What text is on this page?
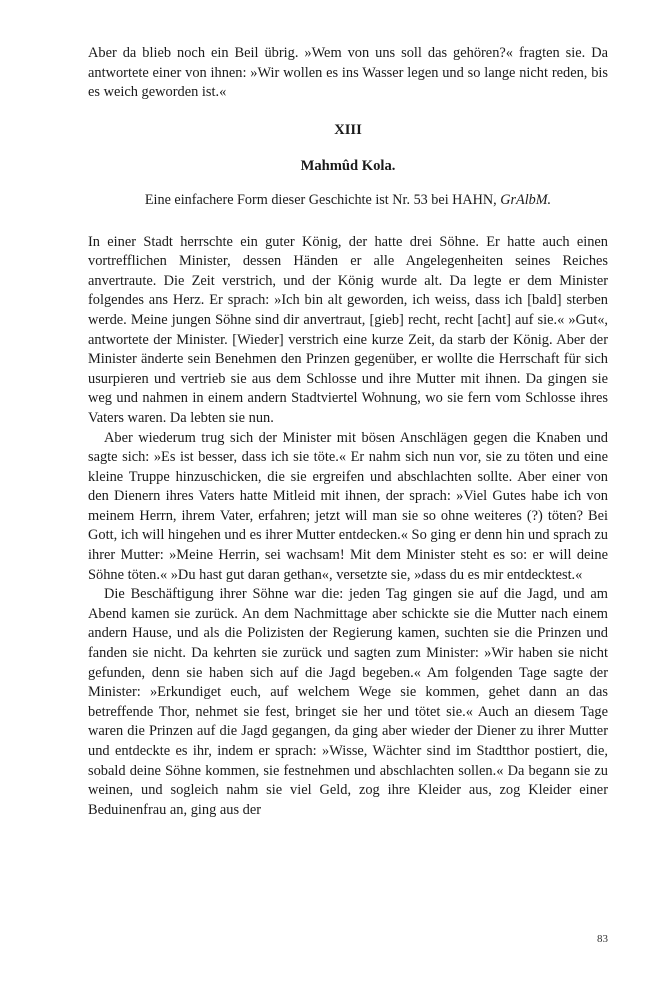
Aber da blieb noch ein Beil übrig. »Wem von uns soll das gehören?« fragten sie. Da antwortete einer von ihnen: »Wir wollen es ins Wasser legen und so lange nicht reden, bis es weich geworden ist.«

XIII
Mahmûd Kola.
Eine einfachere Form dieser Geschichte ist Nr. 53 bei HAHN, GrAlbM.

In einer Stadt herrschte ein guter König, der hatte drei Söhne. Er hatte auch einen vortrefflichen Minister, dessen Händen er alle Angelegenheiten seines Reiches anvertraute. Die Zeit verstrich, und der König wurde alt. Da legte er dem Minister folgendes ans Herz. Er sprach: »Ich bin alt geworden, ich weiss, dass ich [bald] sterben werde. Meine jungen Söhne sind dir anvertraut, [gieb] recht, recht [acht] auf sie.« »Gut«, antwortete der Minister. [Wieder] verstrich eine kurze Zeit, da starb der König. Aber der Minister änderte sein Benehmen den Prinzen gegenüber, er wollte die Herrschaft für sich usurpieren und vertrieb sie aus dem Schlosse und ihre Mutter mit ihnen. Da gingen sie weg und nahmen in einem andern Stadtviertel Wohnung, wo sie fern vom Schlosse ihres Vaters waren. Da lebten sie nun.

Aber wiederum trug sich der Minister mit bösen Anschlägen gegen die Knaben und sagte sich: »Es ist besser, dass ich sie töte.« Er nahm sich nun vor, sie zu töten und eine kleine Truppe hinzuschicken, die sie ergreifen und abschlachten sollte. Aber einer von den Dienern ihres Vaters hatte Mitleid mit ihnen, der sprach: »Viel Gutes habe ich von meinem Herrn, ihrem Vater, erfahren; jetzt will man sie so ohne weiteres (?) töten? Bei Gott, ich will hingehen und es ihrer Mutter entdecken.« So ging er denn hin und sprach zu ihrer Mutter: »Meine Herrin, sei wachsam! Mit dem Minister steht es so: er will deine Söhne töten.« »Du hast gut daran gethan«, versetzte sie, »dass du es mir entdecktest.«

Die Beschäftigung ihrer Söhne war die: jeden Tag gingen sie auf die Jagd, und am Abend kamen sie zurück. An dem Nachmittage aber schickte sie die Mutter nach einem andern Hause, und als die Polizisten der Regierung kamen, suchten sie die Prinzen und fanden sie nicht. Da kehrten sie zurück und sagten zum Minister: »Wir haben sie nicht gefunden, denn sie haben sich auf die Jagd begeben.« Am folgenden Tage sagte der Minister: »Erkundiget euch, auf welchem Wege sie kommen, gehet dann an das betreffende Thor, nehmet sie fest, bringet sie her und tötet sie.« Auch an diesem Tage waren die Prinzen auf die Jagd gegangen, da ging aber wieder der Diener zu ihrer Mutter und entdeckte es ihr, indem er sprach: »Wisse, Wächter sind im Stadtthor postiert, die, sobald deine Söhne kommen, sie festnehmen und abschlachten sollen.« Da begann sie zu weinen, und sogleich nahm sie viel Geld, zog ihre Kleider aus, zog Kleider einer Beduinenfrau an, ging aus der

83
